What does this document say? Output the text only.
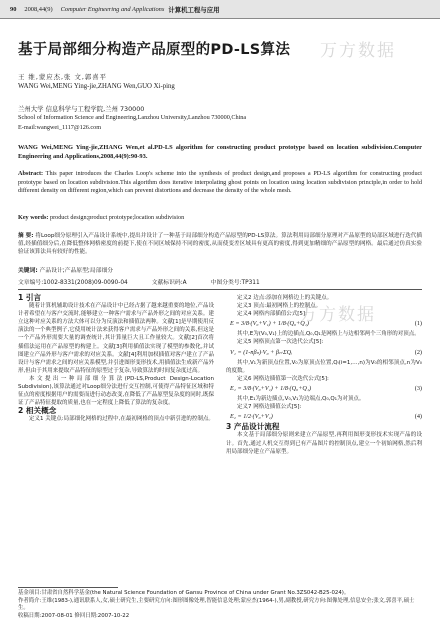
90 2008,44(9) Computer Engineering and Applications 计算机工程与应用
基于局部细分构造产品原型的PD-LS算法
王 维,蒙应杰,张 文,郭喜平
WANG Wei,MENG Ying-jie,ZHANG Wen,GUO Xi-ping
兰州大学 信息科学与工程学院,兰州 730000
School of Information Science and Engineering,Lanzhou University,Lanzhou 730000,China
E-mail:wangwei_1117@126.com
WANG Wei,MENG Ying-jie,ZHANG Wen,et al.PD-LS algorithm for constructing product prototype based on location subdivision.Computer Engineering and Applications,2008,44(9):90-93.
Abstract: This paper introduces the Charles Loop's scheme into the synthesis of product design,and proposes a PD-LS algorithm for constructing product prototype based on location subdivision.This algorithm does iterative interpolating ghost points on location using location subdivision principle,in order to hold different density on different region,which can prevent distortions and decrease the density of the whole mesh.
Key words: product design;product prototype;location subdivision
摘 要: 将Loop细分原理引入产品设计系统中,提出并设计了一种基于局部细分构造产品原型的PD-LS算法。算法利用局部细分原理对产品原型的局部区域进行迭代插值,经插值细分后,在降低整体网格密度的前提下,使在不同区域保持不同的密度,从而使变差区域具有更高的密度,得到更加精细的产品原型的网格。最后通过仿真实验验证该算法具有较好的性能。
关键词: 产品设计;产品原型;局部细分
文章编号:1002-8331(2008)09-0090-04	文献标识码:A	中图分类号:TP311

1 引言

随着计算机辅助设计技术在产品设计中已经占据了越来越重要的地位,产品设计者希望在与客户交流时,能够建立一种客户需求与产品外形之间的对应关系。建立这种对应关系的方法大体可以分为反演法和插值法两种。文献[1]是早期使用反演法的一个典型例子,它使用统计法来获得客户需求与产品外形之间的关系,但这是一个产品外形需要大量的调查统计,其计算量巨大且工作量较大。文献[2]首次将插值法运用在产品原型的构建上。文献[3]利用插值法实现了模型的参数化,并试图建立产品外形与客户需求的对应关系。文献[4]利用加权插值对客户建立了产品设计与客户需求之间的对应关系模型,并引进图形变形技术,用插值法生成新产品外形,但由于其用来提取产品特征的原型过于复杂,导致算法的时间复杂度过高。

本文提出一种局部细分算法(PD-LS,Product Design-Location Subdivision),该算法通过对Loop细分法进行交互控制,可使得产品特征区域和特征点的密度根据用户的需要而进行动态改变,在降低了产品原型复杂度的同时,既保证了产品特征提取的质量,也在一定程度上降低了算法的复杂度。

2 相关概念

定义1 关键点:局部细化网格的过程中,在最初网格的顶点中新引进的控制点。

定义2 边点:添加在网格边上的关键点。

定义3 顶点:最初网格上的控制点。

定义4 网格内部插值公式[5]:

E = 3/8·(V₀+V₁) + 1/8·(Q₀+Q₁)	(1)

其中,E为(V₀,V₁)上的边插点,Q₀,Q₁是网格上与边相邻两个三角形的对顶点。

定义5 网格顶点第一次迭代公式[5]:

V₁ = (1-nβₙ)·V₀ + βₙ·ΣQᵢ	(2)

其中,V₁为新顶点位置,V₀为原顶点位置,Qᵢ(i=1,…,n)为V₀的相邻顶点,n为V₀的度数。

定义6 网格边插值第一次迭代公式[5]:

E₁ = 3/8·(V₀+V₁) + 1/8·(Q₀+Q₁)	(3)

其中,E₁为新边插点,V₀,V₁为边端点,Q₀,Q₁为对顶点。

定义7 网格边插值公式[5]:

E₂ = 1/2·(V₀+V₁)	(4)

3 产品设计流程

本文基于局部细分原则来建立产品原型,再利用图形变形技术实现产品的设计。首先,通过人机交互得到已有产品图片的控制顶点,建立一个初始网格,然后利用局部细分建立产品原型。

基金项目:甘肃省自然科学基金(the Natural Science Foundation of Gansu Province of China under Grant No.3ZS042-B25-024)。
作者简介:王维(1983-),通讯联系人,女,硕士研究生,主要研究方向:图形图像处理,智能信息处理;蒙应杰(1964-),男,副教授,研究方向:图像处理,信息安全;张文,郭喜平,硕士生。
收稿日期:2007-08-01 修回日期:2007-10-22
万方数据
万方数据
